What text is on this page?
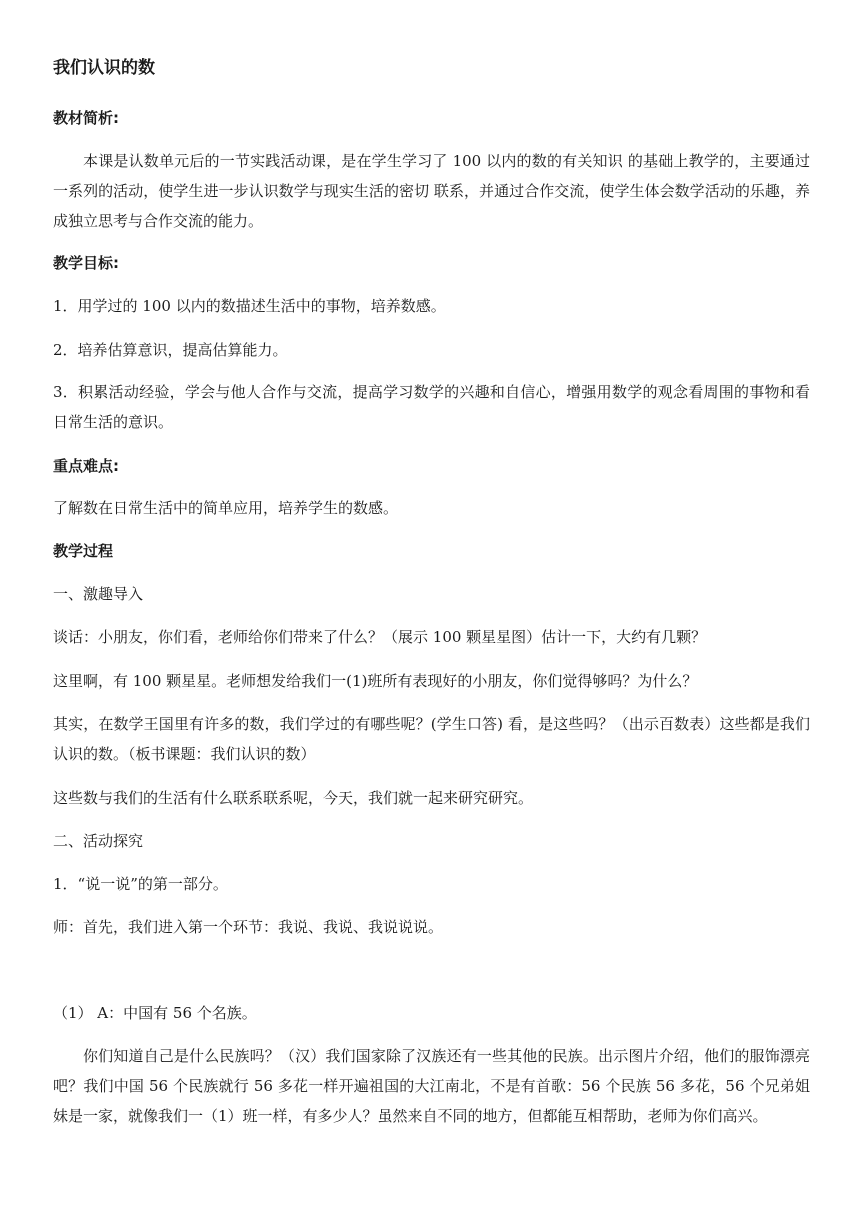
我们认识的数
教材简析:
本课是认数单元后的一节实践活动课，是在学生学习了 100 以内的数的有关知识 的基础上教学的，主要通过一系列的活动，使学生进一步认识数学与现实生活的密切 联系，并通过合作交流，使学生体会数学活动的乐趣，养成独立思考与合作交流的能力。
教学目标:
1．用学过的 100 以内的数描述生活中的事物，培养数感。
2．培养估算意识，提高估算能力。
3．积累活动经验，学会与他人合作与交流，提高学习数学的兴趣和自信心，增强用数学的观念看周围的事物和看日常生活的意识。
重点难点:
了解数在日常生活中的简单应用，培养学生的数感。
教学过程
一、激趣导入
谈话：小朋友，你们看，老师给你们带来了什么？（展示 100 颗星星图）估计一下，大约有几颗？
这里啊，有 100 颗星星。老师想发给我们一(1)班所有表现好的小朋友，你们觉得够吗？为什么？
其实，在数学王国里有许多的数，我们学过的有哪些呢？(学生口答) 看，是这些吗？（出示百数表）这些都是我们认识的数。（板书课题：我们认识的数）
这些数与我们的生活有什么联系联系呢，今天，我们就一起来研究研究。
二、活动探究
1．“说一说”的第一部分。
师：首先，我们进入第一个环节：我说、我说、我说说说。
（1） A：中国有 56 个名族。
你们知道自己是什么民族吗？（汉）我们国家除了汉族还有一些其他的民族。出示图片介绍，他们的服饰漂亮吧？我们中国 56 个民族就行 56 多花一样开遍祖国的大江南北，不是有首歌：56 个民族 56 多花，56 个兄弟姐妹是一家，就像我们一（1）班一样，有多少人？虽然来自不同的地方，但都能互相帮助，老师为你们高兴。
